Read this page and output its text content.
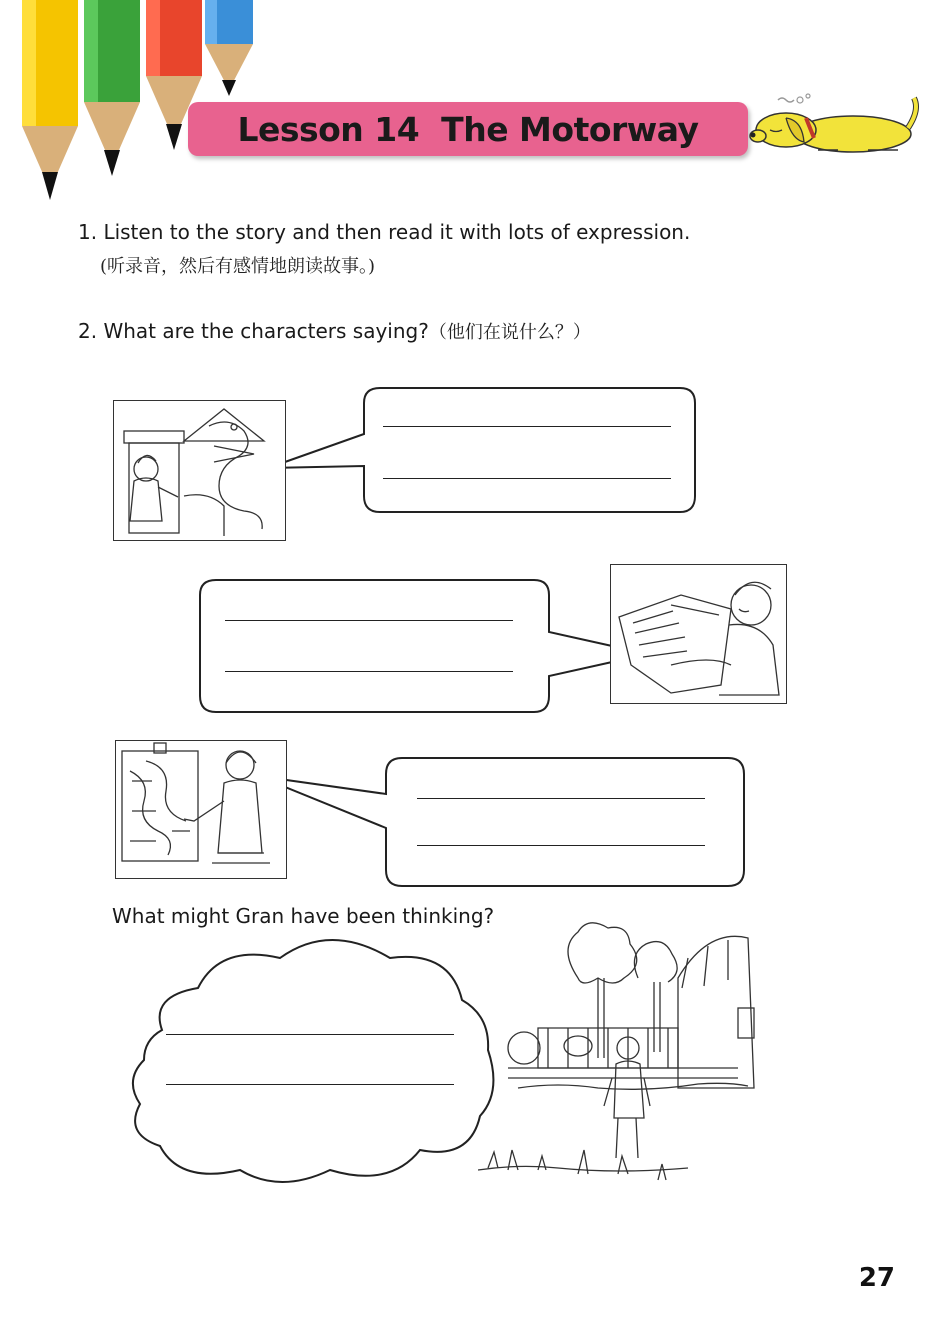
Lesson 14  The Motorway
1. Listen to the story and then read it with lots of expression.
(听录音，然后有感情地朗读故事。)
2. What are the characters saying?（他们在说什么？）
What might Gran have been thinking?
27
